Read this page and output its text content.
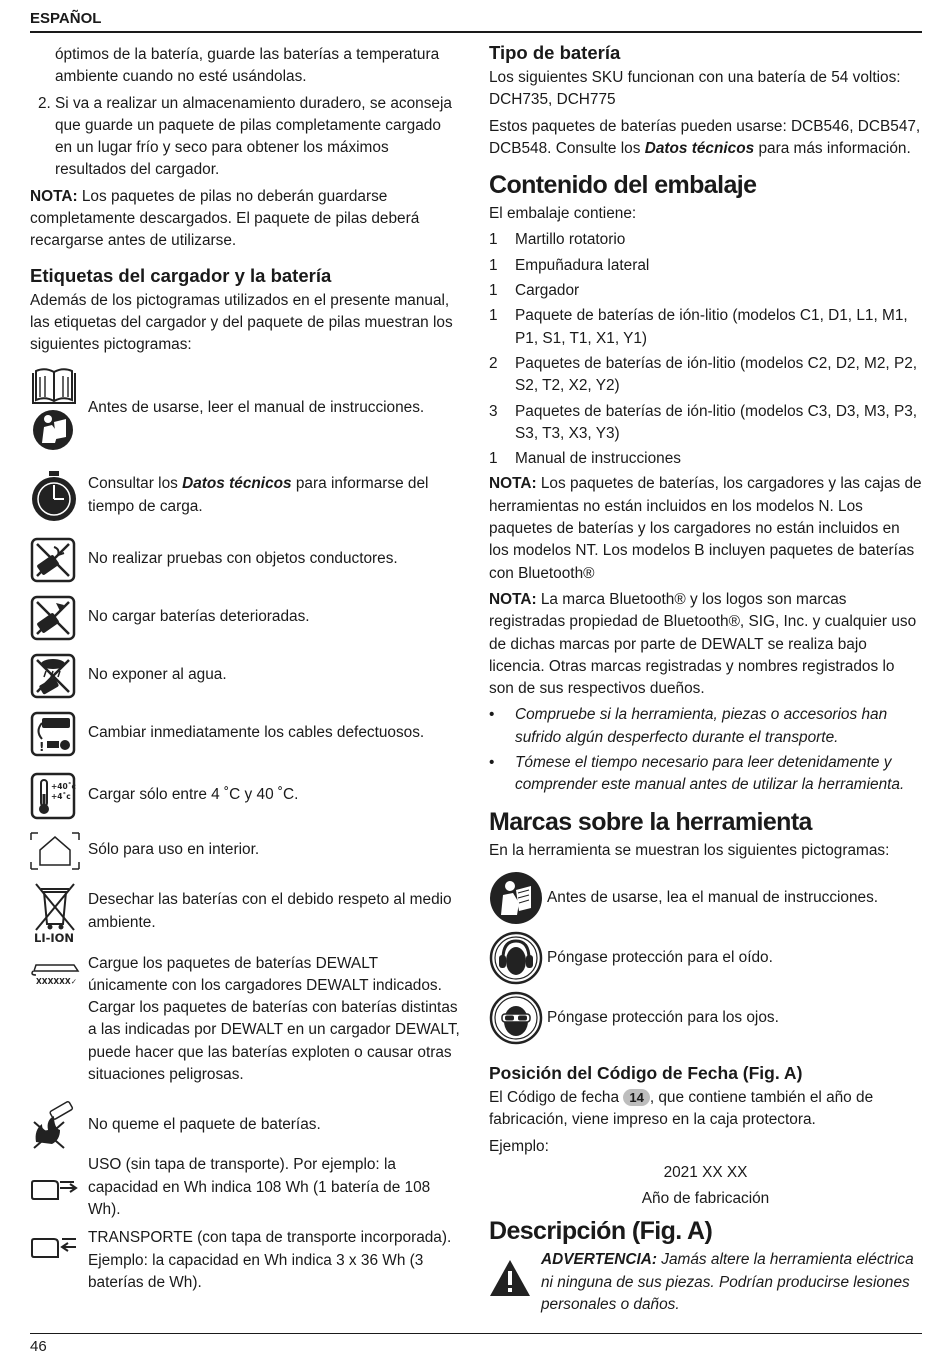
ESPAÑOL

óptimos de la batería, guarde las baterías a temperatura ambiente cuando no esté usándolas.

2. Si va a realizar un almacenamiento duradero, se aconseja que guarde un paquete de pilas completamente cargado en un lugar frío y seco para obtener los máximos resultados del cargador.

NOTA: Los paquetes de pilas no deberán guardarse completamente descargados. El paquete de pilas deberá recargarse antes de utilizarse.

Etiquetas del cargador y la batería

Además de los pictogramas utilizados en el presente manual, las etiquetas del cargador y del paquete de pilas muestran los siguientes pictogramas:

Antes de usarse, leer el manual de instrucciones.
Consultar los Datos técnicos para informarse del tiempo de carga.
No realizar pruebas con objetos conductores.
No cargar baterías deterioradas.
No exponer al agua.
!
Cambiar inmediatamente los cables defectuosos.
+40˚c
+4˚c Cargar sólo entre 4 ˚C y 40 ˚C.
Sólo para uso en interior.
LI-ION
Desechar las baterías con el debido respeto al medio ambiente.
XXXXXX✓
Cargue los paquetes de baterías DEWALT únicamente con los cargadores DEWALT indicados. Cargar los paquetes de baterías con baterías distintas a las indicadas por DEWALT en un cargador DEWALT, puede hacer que las baterías exploten o causar otras situaciones peligrosas.
No queme el paquete de baterías.
USO (sin tapa de transporte). Por ejemplo: la capacidad en Wh indica 108 Wh (1 batería de 108 Wh).
TRANSPORTE (con tapa de transporte incorporada). Ejemplo: la capacidad en Wh indica 3 x 36 Wh (3 baterías de Wh).
Tipo de batería

Los siguientes SKU funcionan con una batería de 54 voltios: DCH735, DCH775

Estos paquetes de baterías pueden usarse: DCB546, DCB547, DCB548. Consulte los Datos técnicos para más información.

Contenido del embalaje

El embalaje contiene:

1	Martillo rotatorio
1	Empuñadura lateral
1	Cargador
1	Paquete de baterías de ión-litio (modelos C1, D1, L1, M1, P1, S1, T1, X1, Y1)
2	Paquetes de baterías de ión-litio (modelos C2, D2, M2, P2, S2, T2, X2, Y2)
3	Paquetes de baterías de ión-litio (modelos C3, D3, M3, P3, S3, T3, X3, Y3)
1	Manual de instrucciones

NOTA: Los paquetes de baterías, los cargadores y las cajas de herramientas no están incluidos en los modelos N. Los paquetes de baterías y los cargadores no están incluidos en los modelos NT. Los modelos B incluyen paquetes de baterías con Bluetooth®

NOTA: La marca Bluetooth® y los logos son marcas registradas propiedad de Bluetooth®, SIG, Inc. y cualquier uso de dichas marcas por parte de DEWALT se realiza bajo licencia. Otras marcas registradas y nombres registrados lo son de sus respectivos dueños.

•	Compruebe si la herramienta, piezas o accesorios han sufrido algún desperfecto durante el transporte.
•	Tómese el tiempo necesario para leer detenidamente y comprender este manual antes de utilizar la herramienta.
Marcas sobre la herramienta

En la herramienta se muestran los siguientes pictogramas:

Antes de usarse, lea el manual de instrucciones.
Póngase protección para el oído.
Póngase protección para los ojos.
Posición del Código de Fecha (Fig. A)

El Código de fecha 14 , que contiene también el año de fabricación, viene impreso en la caja protectora.

Ejemplo:

2021 XX XX

Año de fabricación

Descripción (Fig. A)
ADVERTENCIA: Jamás altere la herramienta eléctrica ni ninguna de sus piezas. Podrían producirse lesiones personales o daños.
46
